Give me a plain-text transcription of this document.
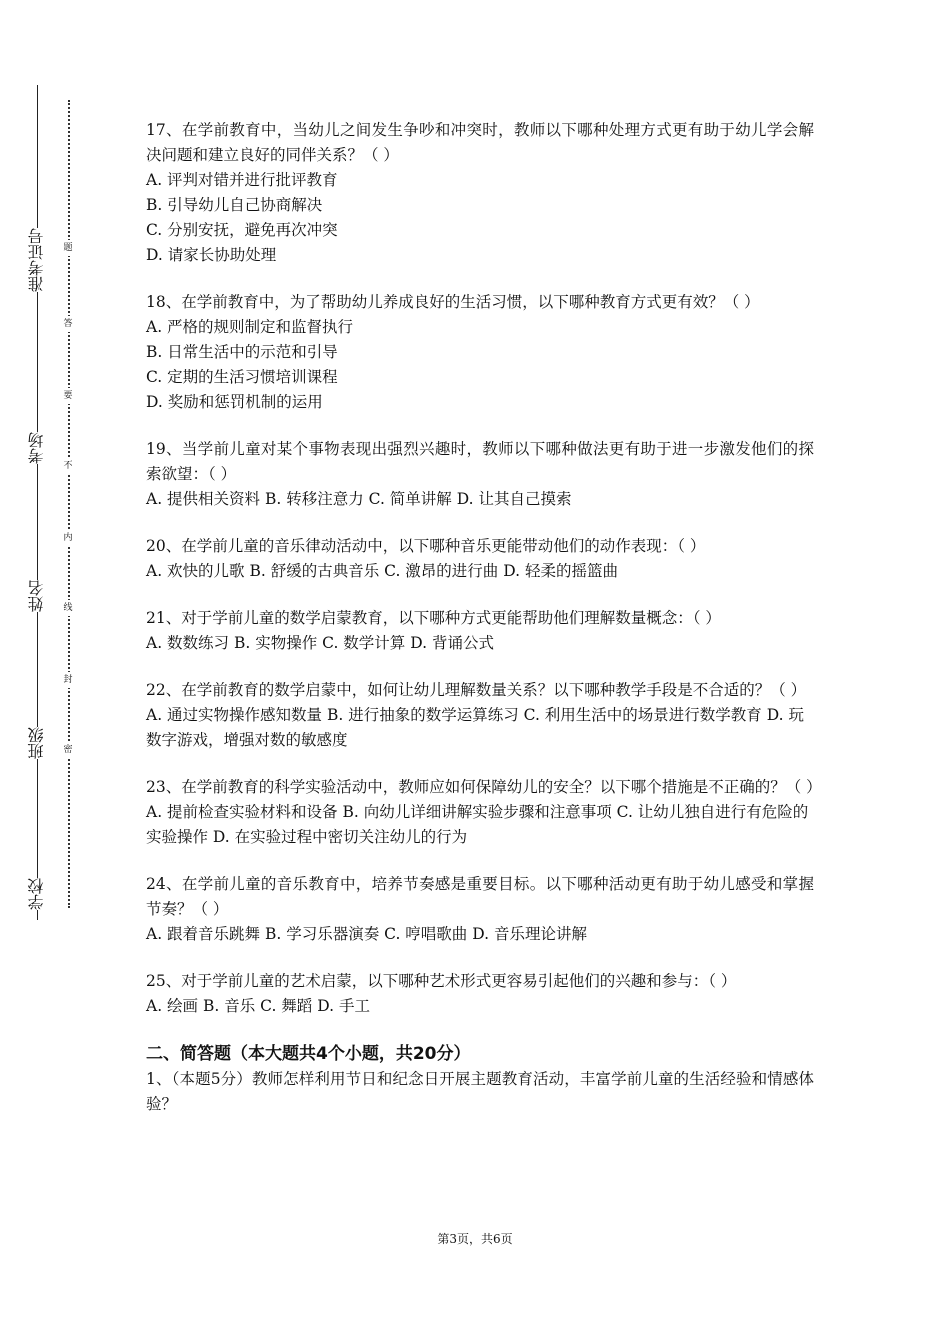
准考证号
考场
姓名
班级
学校
题
答
要
不
内
线
封
密

17、在学前教育中，当幼儿之间发生争吵和冲突时，教师以下哪种处理方式更有助于幼儿学会解决问题和建立良好的同伴关系？（ ）

A. 评判对错并进行批评教育

B. 引导幼儿自己协商解决

C. 分别安抚，避免再次冲突

D. 请家长协助处理

18、在学前教育中，为了帮助幼儿养成良好的生活习惯，以下哪种教育方式更有效？（ ）

A. 严格的规则制定和监督执行

B. 日常生活中的示范和引导

C. 定期的生活习惯培训课程

D. 奖励和惩罚机制的运用

19、当学前儿童对某个事物表现出强烈兴趣时，教师以下哪种做法更有助于进一步激发他们的探索欲望：（ ）

A. 提供相关资料 B. 转移注意力 C. 简单讲解 D. 让其自己摸索

20、在学前儿童的音乐律动活动中，以下哪种音乐更能带动他们的动作表现：（ ）

A. 欢快的儿歌 B. 舒缓的古典音乐 C. 激昂的进行曲 D. 轻柔的摇篮曲

21、对于学前儿童的数学启蒙教育，以下哪种方式更能帮助他们理解数量概念：（ ）

A. 数数练习 B. 实物操作 C. 数学计算 D. 背诵公式

22、在学前教育的数学启蒙中，如何让幼儿理解数量关系？以下哪种教学手段是不合适的？（ ）

A. 通过实物操作感知数量 B. 进行抽象的数学运算练习 C. 利用生活中的场景进行数学教育 D. 玩数字游戏，增强对数的敏感度

23、在学前教育的科学实验活动中，教师应如何保障幼儿的安全？以下哪个措施是不正确的？（ ）

A. 提前检查实验材料和设备 B. 向幼儿详细讲解实验步骤和注意事项 C. 让幼儿独自进行有危险的实验操作 D. 在实验过程中密切关注幼儿的行为

24、在学前儿童的音乐教育中，培养节奏感是重要目标。以下哪种活动更有助于幼儿感受和掌握节奏？（ ）

A. 跟着音乐跳舞 B. 学习乐器演奏 C. 哼唱歌曲 D. 音乐理论讲解

25、对于学前儿童的艺术启蒙，以下哪种艺术形式更容易引起他们的兴趣和参与：（ ）

A. 绘画 B. 音乐 C. 舞蹈 D. 手工

二、简答题（本大题共4个小题，共20分）

1、（本题5分）教师怎样利用节日和纪念日开展主题教育活动，丰富学前儿童的生活经验和情感体验？

第3页，共6页
